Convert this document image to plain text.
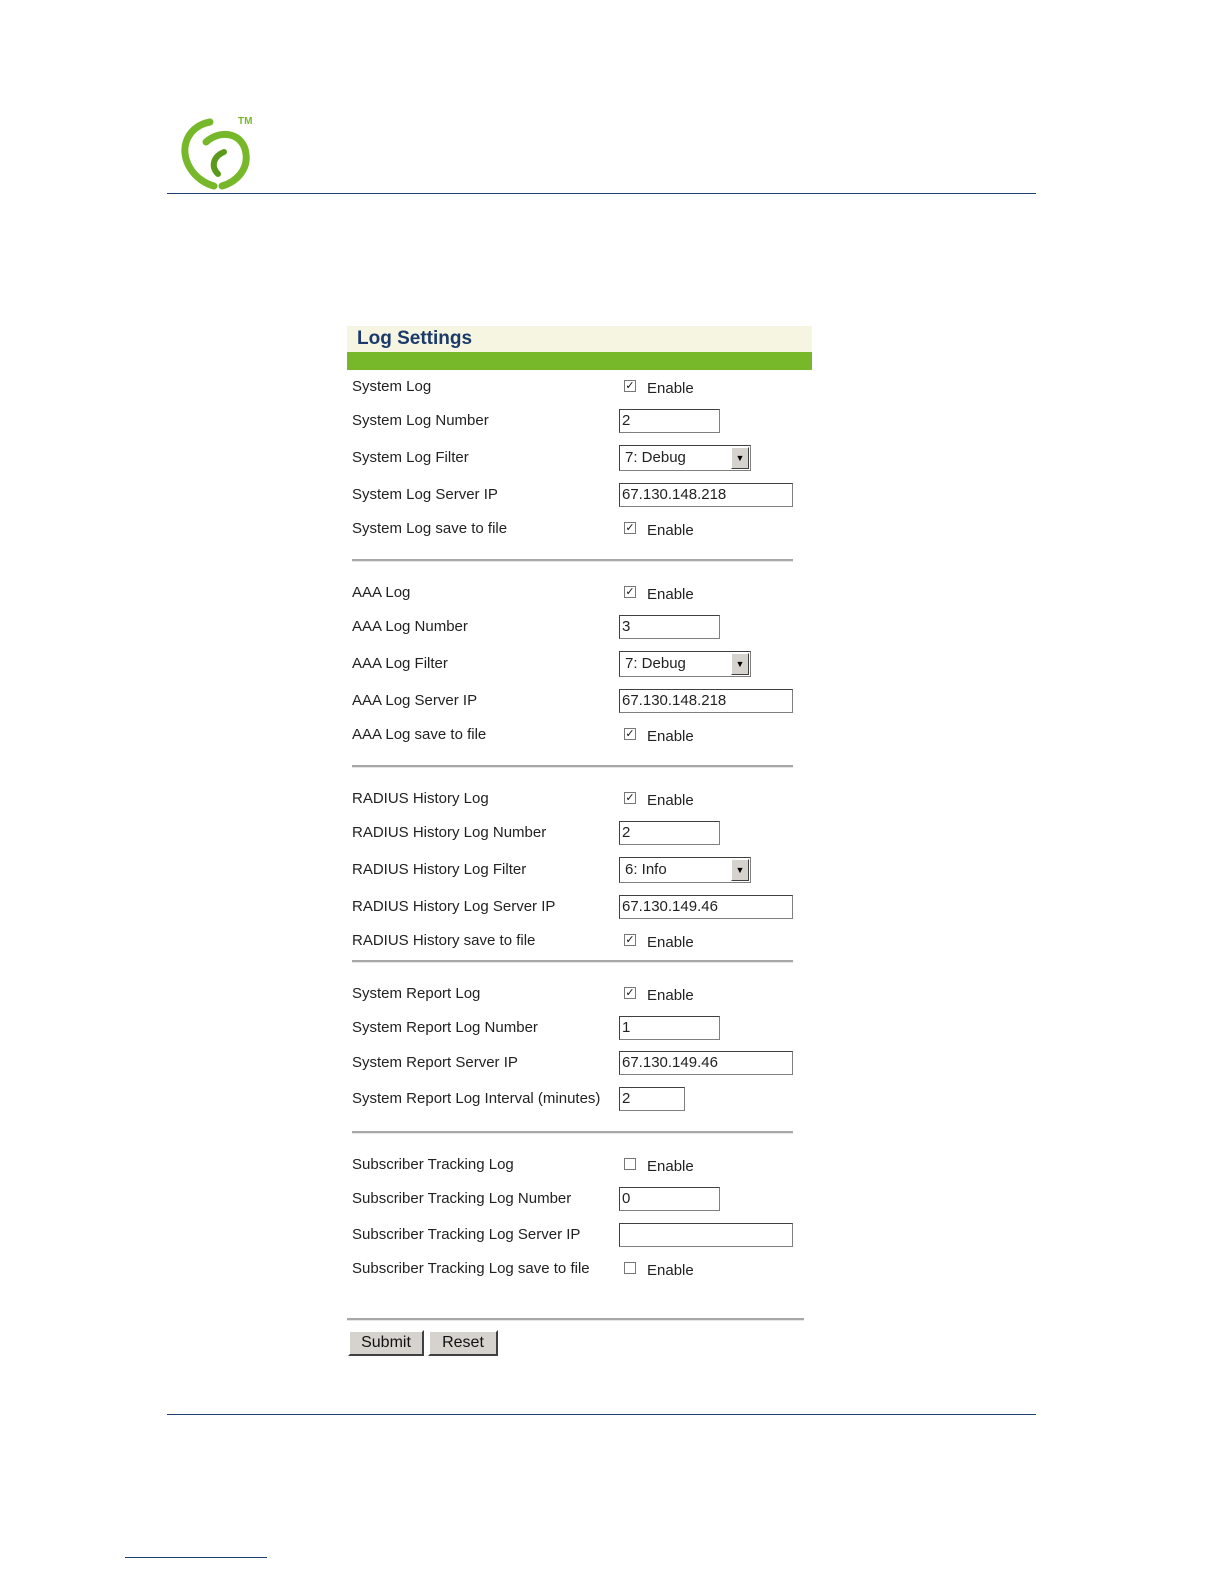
TM
Log Settings
System Log	✓ Enable
System Log Number	2
System Log Filter	7: Debug	▼
System Log Server IP	67.130.148.218
System Log save to file	✓ Enable
AAA Log	✓ Enable
AAA Log Number	3
AAA Log Filter	7: Debug	▼
AAA Log Server IP	67.130.148.218
AAA Log save to file	✓ Enable
RADIUS History Log	✓ Enable
RADIUS History Log Number	2
RADIUS History Log Filter	6: Info	▼
RADIUS History Log Server IP	67.130.149.46
RADIUS History save to file	✓ Enable
System Report Log	✓ Enable
System Report Log Number	1
System Report Server IP	67.130.149.46
System Report Log Interval (minutes) 2
Subscriber Tracking Log	Enable
Subscriber Tracking Log Number	0
Subscriber Tracking Log Server IP
Subscriber Tracking Log save to file	Enable
Submit	Reset
